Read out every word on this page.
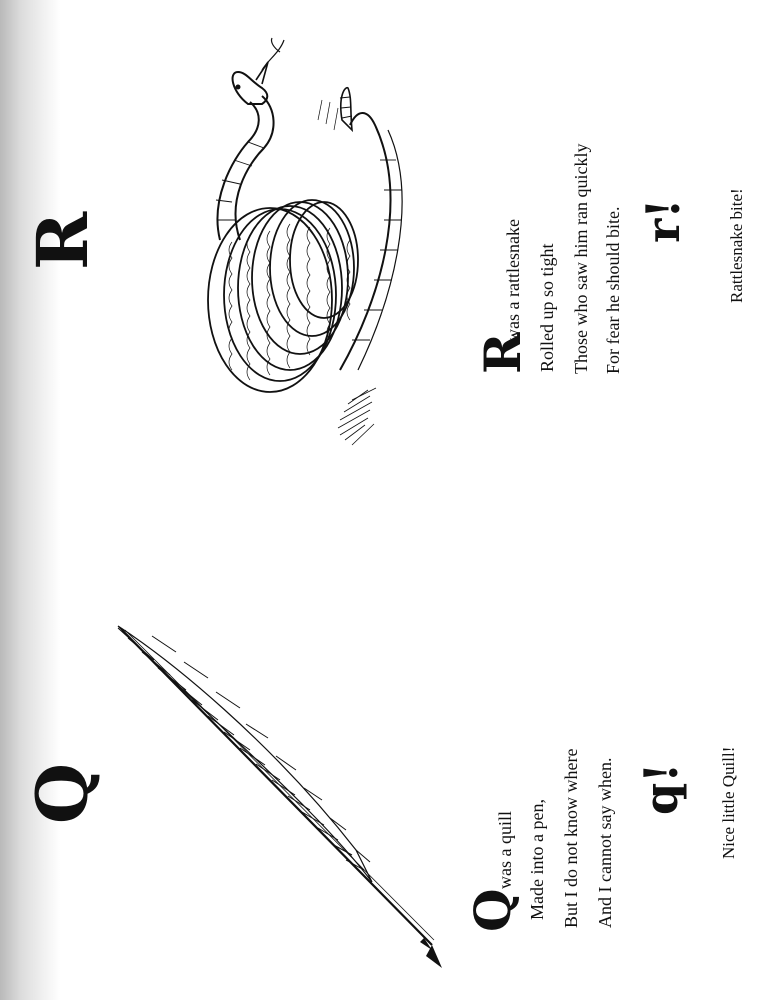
Q
Q
was a quill Made into a pen, But I do not know where And I cannot say when. q! Nice little Quill!
R
R
was a rattlesnake Rolled up so tight Those who saw him ran quickly For fear he should bite. r! Rattlesnake bite!
